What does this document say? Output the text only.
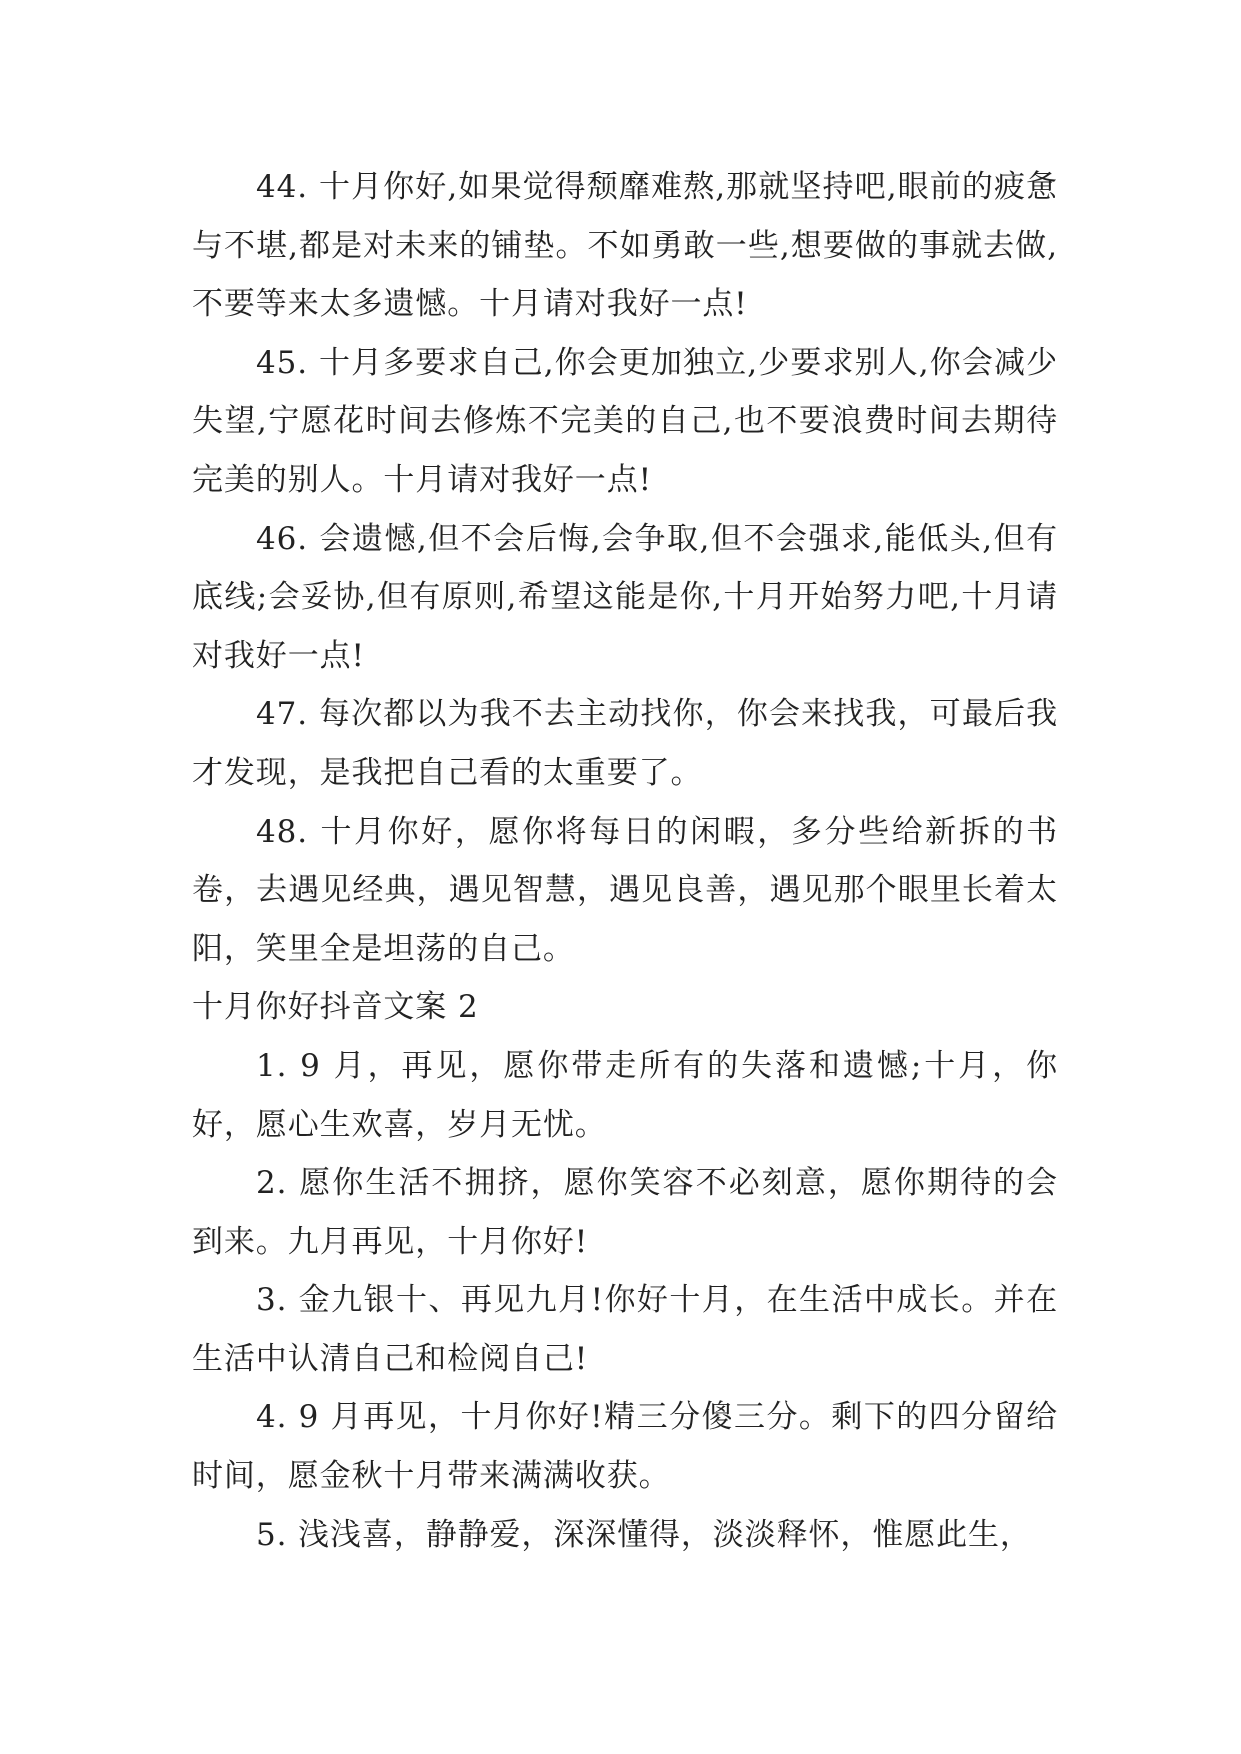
44. 十月你好,如果觉得颓靡难熬,那就坚持吧,眼前的疲惫与不堪,都是对未来的铺垫。不如勇敢一些,想要做的事就去做,不要等来太多遗憾。十月请对我好一点!

45. 十月多要求自己,你会更加独立,少要求别人,你会减少失望,宁愿花时间去修炼不完美的自己,也不要浪费时间去期待完美的别人。十月请对我好一点!

46. 会遗憾,但不会后悔,会争取,但不会强求,能低头,但有底线;会妥协,但有原则,希望这能是你,十月开始努力吧,十月请对我好一点!

47. 每次都以为我不去主动找你，你会来找我，可最后我才发现，是我把自己看的太重要了。

48. 十月你好，愿你将每日的闲暇，多分些给新拆的书卷，去遇见经典，遇见智慧，遇见良善，遇见那个眼里长着太阳，笑里全是坦荡的自己。

十月你好抖音文案 2

1. 9 月，再见，愿你带走所有的失落和遗憾;十月，你好，愿心生欢喜，岁月无忧。

2. 愿你生活不拥挤，愿你笑容不必刻意，愿你期待的会到来。九月再见，十月你好!

3. 金九银十、再见九月!你好十月，在生活中成长。并在生活中认清自己和检阅自己!

4. 9 月再见，十月你好!精三分傻三分。剩下的四分留给时间，愿金秋十月带来满满收获。

5. 浅浅喜，静静爱，深深懂得，淡淡释怀，惟愿此生，
